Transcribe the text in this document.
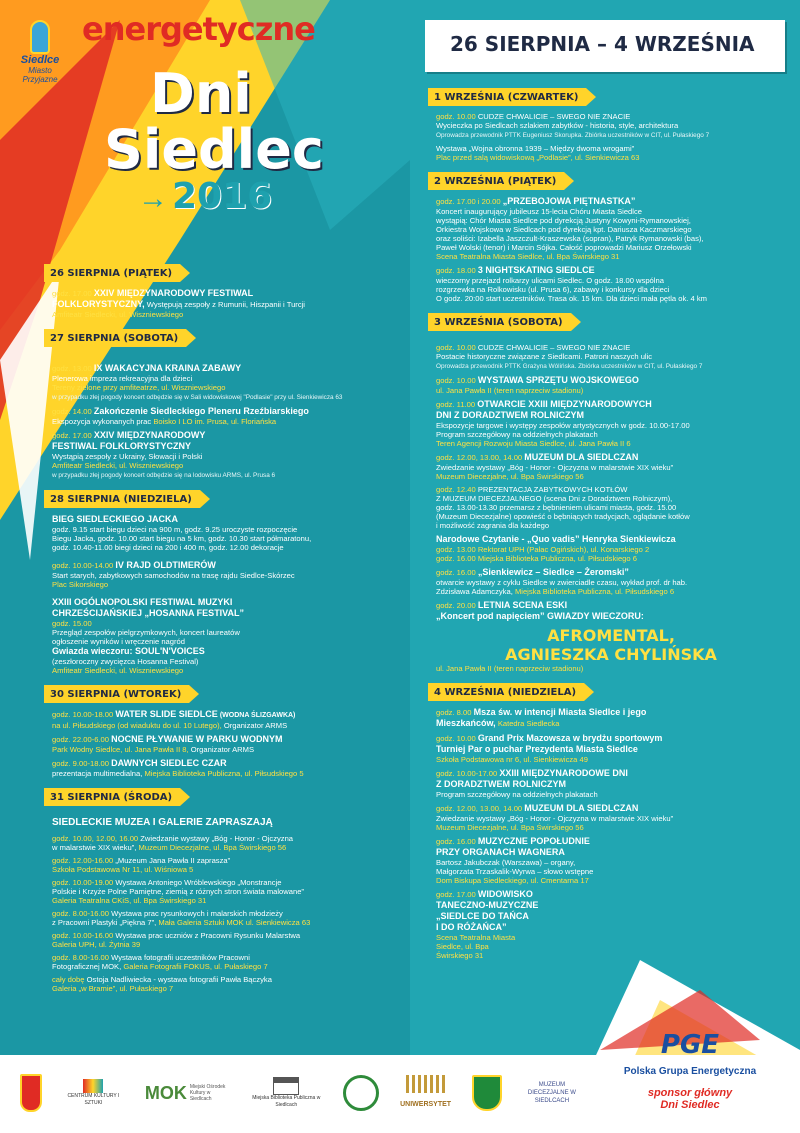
26 SIERPNIA – 4 WRZEŚNIA
Siedlce
Miasto
Przyjazne
energetyczne
Dni
Siedlec
→ 2016
26 SIERPNIA (PIĄTEK)
godz. 17.00 XXIV MIĘDZYNARODOWY FESTIWAL
FOLKLORYSTYCZNY, Występują zespoły z Rumunii, Hiszpanii i Turcji
Amfiteatr Siedlecki, ul. Wiszniewskiego
27 SIERPNIA (SOBOTA)
godz. 13.00 IX WAKACYJNA KRAINA ZABAWY
Plenerowa impreza rekreacyjna dla dzieci
Tereny zielone przy amfiteatrze, ul. Wiszniewskiego
w przypadku złej pogody koncert odbędzie się w Sali widowiskowej "Podlasie" przy ul. Sienkiewicza 63
godz. 14.00 Zakończenie Siedleckiego Pleneru Rzeźbiarskiego
Ekspozycja wykonanych prac Boisko I LO im. Prusa, ul. Floriańska
godz. 17.00 XXIV MIĘDZYNARODOWY
FESTIWAL FOLKLORYSTYCZNY
Wystąpią zespoły z Ukrainy, Słowacji i Polski
Amfiteatr Siedlecki, ul. Wiszniewskiego
w przypadku złej pogody koncert odbędzie się na lodowisku ARMS, ul. Prusa 6
28 SIERPNIA (NIEDZIELA)
BIEG SIEDLECKIEGO JACKA
godz. 9.15 start biegu dzieci na 900 m, godz. 9.25 uroczyste rozpoczęcie
Biegu Jacka, godz. 10.00 start biegu na 5 km, godz. 10.30 start półmaratonu,
godz. 10.40-11.00 biegi dzieci na 200 i 400 m, godz. 12.00 dekoracje
godz. 10.00-14.00 IV RAJD OLDTIMERÓW
Start starych, zabytkowych samochodów na trasę rajdu Siedlce-Skórzec
Plac Sikorskiego
XXIII OGÓLNOPOLSKI FESTIWAL MUZYKI
CHRZEŚCIJAŃSKIEJ „HOSANNA FESTIVAL”
godz. 15.00
Przegląd zespołów pielgrzymkowych, koncert laureatów
ogłoszenie wyników i wręczenie nagród
Gwiazda wieczoru: SOUL'N'VOICES
(zeszłoroczny zwycięzca Hosanna Festival)
Amfiteatr Siedlecki, ul. Wiszniewskiego
30 SIERPNIA (WTOREK)
godz. 10.00-18.00 WATER SLIDE SIEDLCE (WODNA ŚLIZGAWKA)
na ul. Piłsudskiego (od wiaduktu do ul. 10 Lutego), Organizator ARMS
godz. 22.00-6.00 NOCNE PŁYWANIE W PARKU WODNYM
Park Wodny Siedlce, ul. Jana Pawła II 8, Organizator ARMS
godz. 9.00-18.00 DAWNYCH SIEDLEC CZAR
prezentacja multimedialna, Miejska Biblioteka Publiczna, ul. Piłsudskiego 5
31 SIERPNIA (ŚRODA)
SIEDLECKIE MUZEA I GALERIE ZAPRASZAJĄ
godz. 10.00, 12.00, 16.00 Zwiedzanie wystawy „Bóg - Honor - Ojczyzna
w malarstwie XIX wieku”, Muzeum Diecezjalne, ul. Bpa Świrskiego 56
godz. 12.00-16.00 „Muzeum Jana Pawła II zaprasza”
Szkoła Podstawowa Nr 11, ul. Wiśniowa 5
godz. 10.00-19.00 Wystawa Antoniego Wróblewskiego „Monstrancje
Polskie i Krzyże Polne Pamiętne, ziemią z różnych stron świata malowane”
Galeria Teatralna CKiS, ul. Bpa Świrskiego 31
godz. 8.00-16.00 Wystawa prac rysunkowych i malarskich młodzieży
z Pracowni Plastyki „Piękna 7”, Mała Galeria Sztuki MOK ul. Sienkiewicza 63
godz. 10.00-16.00 Wystawa prac uczniów z Pracowni Rysunku Malarstwa
Galeria UPH, ul. Żytnia 39
godz. 8.00-16.00 Wystawa fotografii uczestników Pracowni
Fotograficznej MOK, Galeria Fotografii FOKUS, ul. Pułaskiego 7
cały dobę Ostoja Nadliwiecka - wystawa fotografii Pawła Bączyka
Galeria „w Bramie”, ul. Pułaskiego 7
1 WRZEŚNIA (CZWARTEK)
godz. 10.00 CUDZE CHWALICIE – SWEGO NIE ZNACIE
Wycieczka po Siedlcach szlakiem zabytków - historia, style, architektura
Oprowadza przewodnik PTTK Eugeniusz Skorupka. Zbiórka uczestników w CIT, ul. Pułaskiego 7
Wystawa „Wojna obronna 1939 – Między dwoma wrogami”
Plac przed salą widowiskową „Podlasie”, ul. Sienkiewicza 63
2 WRZEŚNIA (PIĄTEK)
godz. 17.00 i 20.00 „PRZEBOJOWA PIĘTNASTKA”
Koncert inaugurujący jubileusz 15-lecia Chóru Miasta Siedlce
wystąpią: Chór Miasta Siedlce pod dyrekcją Justyny Kowyni-Rymanowskiej,
Orkiestra Wojskowa w Siedlcach pod dyrekcją kpt. Dariusza Kaczmarskiego
oraz soliści: Izabella Jaszczult-Kraszewska (sopran), Patryk Rymanowski (bas),
Paweł Wolski (tenor) i Marcin Sójka. Całość poprowadzi Mariusz Orzełowski
Scena Teatralna Miasta Siedlce, ul. Bpa Świrskiego 31
godz. 18.00 3 NIGHTSKATING SIEDLCE
wieczorny przejazd rolkarzy ulicami Siedlec. O godz. 18.00 wspólna
rozgrzewka na Rolkowisku (ul. Prusa 6), zabawy i konkursy dla dzieci
O godz. 20:00 start uczestników. Trasa ok. 15 km. Dla dzieci mała pętla ok. 4 km
3 WRZEŚNIA (SOBOTA)
godz. 10.00 CUDZE CHWALICIE – SWEGO NIE ZNACIE
Postacie historyczne związane z Siedlcami. Patroni naszych ulic
Oprowadza przewodnik PTTK Grażyna Wólińska. Zbiórka uczestników w CIT, ul. Pułaskiego 7
godz. 10.00 WYSTAWA SPRZĘTU WOJSKOWEGO
ul. Jana Pawła II (teren naprzeciw stadionu)
godz. 11.00 OTWARCIE XXIII MIĘDZYNARODOWYCH
DNI Z DORADZTWEM ROLNICZYM
Ekspozycje targowe i występy zespołów artystycznych w godz. 10.00-17.00
Program szczegółowy na oddzielnych plakatach
Teren Agencji Rozwoju Miasta Siedlce, ul. Jana Pawła II 6
godz. 12.00, 13.00, 14.00 MUZEUM DLA SIEDLCZAN
Zwiedzanie wystawy „Bóg - Honor - Ojczyzna w malarstwie XIX wieku”
Muzeum Diecezjalne, ul. Bpa Świrskiego 56
godz. 12.40 PREZENTACJA ZABYTKOWYCH KOTŁÓW
Z MUZEUM DIECEZJALNEGO (scena Dni z Doradztwem Rolniczym),
godz. 13.00-13.30 przemarsz z bębnieniem ulicami miasta, godz. 15.00
(Muzeum Diecezjalne) opowieść o bębniących tradycjach, oglądanie kotłów
i możliwość zagrania dla każdego
Narodowe Czytanie - „Quo vadis” Henryka Sienkiewicza
godz. 13.00 Rektorat UPH (Pałac Ogińskich), ul. Konarskiego 2
godz. 16.00 Miejska Biblioteka Publiczna, ul. Piłsudskiego 6
godz. 16.00 „Sienkiewicz – Siedlce – Żeromski”
otwarcie wystawy z cyklu Siedlce w zwierciadle czasu, wykład prof. dr hab.
Zdzisława Adamczyka, Miejska Biblioteka Publiczna, ul. Piłsudskiego 6
godz. 20.00 LETNIA SCENA ESKI
„Koncert pod napięciem” GWIAZDY WIECZORU:
AFROMENTAL,
AGNIESZKA CHYLIŃSKA
ul. Jana Pawła II (teren naprzeciw stadionu)
4 WRZEŚNIA (NIEDZIELA)
godz. 8.00 Msza św. w intencji Miasta Siedlce i jego
Mieszkańców, Katedra Siedlecka
godz. 10.00 Grand Prix Mazowsza w brydżu sportowym
Turniej Par o puchar Prezydenta Miasta Siedlce
Szkoła Podstawowa nr 6, ul. Sienkiewicza 49
godz. 10.00-17.00 XXIII MIĘDZYNARODOWE DNI
Z DORADZTWEM ROLNICZYM
Program szczegółowy na oddzielnych plakatach
godz. 12.00, 13.00, 14.00 MUZEUM DLA SIEDLCZAN
Zwiedzanie wystawy „Bóg - Honor - Ojczyzna w malarstwie XIX wieku”
Muzeum Diecezjalne, ul. Bpa Świrskiego 56
godz. 16.00 MUZYCZNE POPOŁUDNIE
PRZY ORGANACH WAGNERA
Bartosz Jakubczak (Warszawa) – organy,
Małgorzata Trzaskalik-Wyrwa – słowo wstępne
Dom Biskupa Siedleckiego, ul. Cmentarna 17
godz. 17.00 WIDOWISKO
TANECZNO-MUZYCZNE
„SIEDLCE DO TAŃCA
I DO RÓŻAŃCA”
Scena Teatralna Miasta
Siedlce, ul. Bpa
Świrskiego 31
PGE
Polska Grupa Energetyczna
sponsor główny
Dni Siedlec
CENTRUM KULTURY I SZTUKI
MOK Miejski Ośrodek Kultury w Siedlcach	Miejska Biblioteka Publiczna w Siedlcach	UNIWERSYTET
MUZEUM DIECEZJALNE W SIEDLCACH
